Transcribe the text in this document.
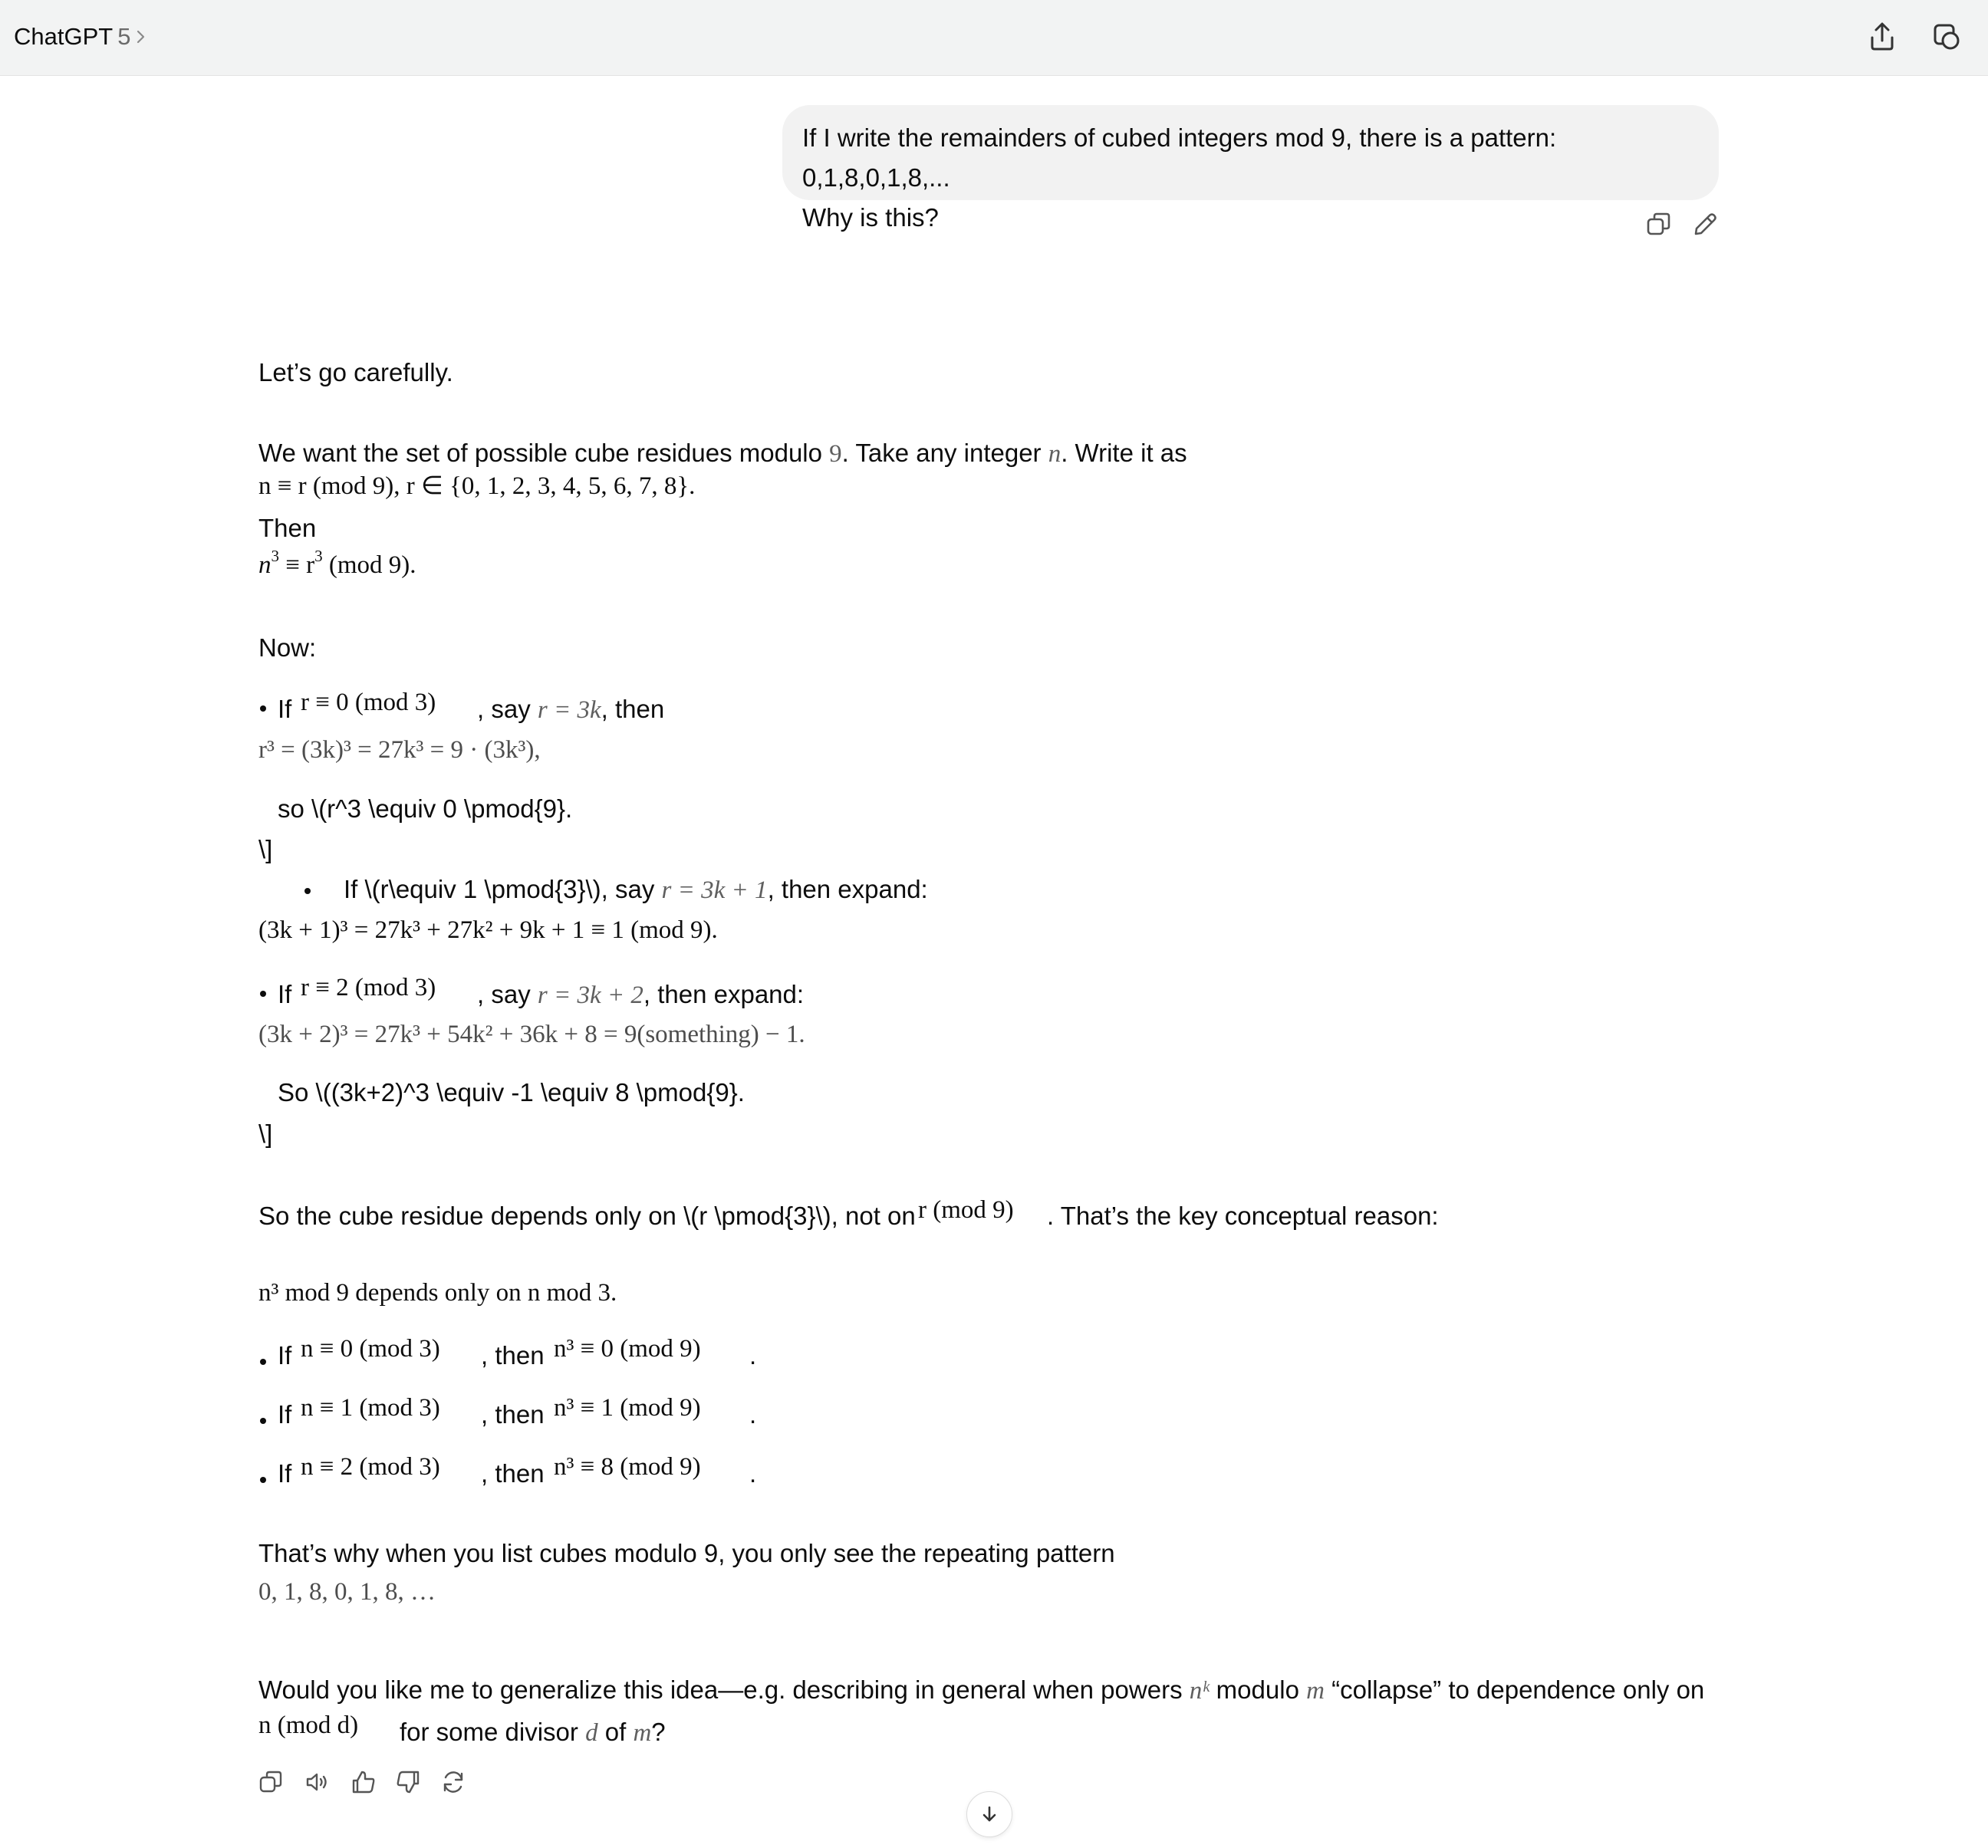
ChatGPT 5
If I write the remainders of cubed integers mod 9, there is a pattern: 0,1,8,0,1,8,...
Why is this?
Let’s go carefully.
We want the set of possible cube residues modulo 9. Take any integer n. Write it as
n ≡ r (mod 9), r ∈ {0, 1, 2, 3, 4, 5, 6, 7, 8}.
Then
$n^3 \equiv r^3$ (mod 9).
Now:
If r ≡ 0 (mod 3) , say r = 3k, then
r³ = (3k)³ = 27k³ = 9 · (3k³),
so \(r^3 \equiv 0 \pmod{9}.
\]
If \(r\equiv 1 \pmod{3}\), say r = 3k + 1, then expand:
(3k + 1)³ = 27k³ + 27k² + 9k + 1 ≡ 1 (mod 9).
If r ≡ 2 (mod 3) , say r = 3k + 2, then expand:
(3k + 2)³ = 27k³ + 54k² + 36k + 8 = 9(something) − 1.
So \((3k+2)^3 \equiv -1 \equiv 8 \pmod{9}.
\]
So the cube residue depends only on \(r \pmod{3}\), not on r (mod 9) . That’s the key conceptual reason:
n³ mod 9 depends only on n mod 3.
If n ≡ 0 (mod 3) , then n³ ≡ 0 (mod 9) .
If n ≡ 1 (mod 3) , then n³ ≡ 1 (mod 9) .
If n ≡ 2 (mod 3) , then n³ ≡ 8 (mod 9) .
That’s why when you list cubes modulo 9, you only see the repeating pattern
0, 1, 8, 0, 1, 8, …
Would you like me to generalize this idea—e.g. describing in general when powers nᵏ modulo m “collapse” to dependence only on
n (mod d) for some divisor d of m?
